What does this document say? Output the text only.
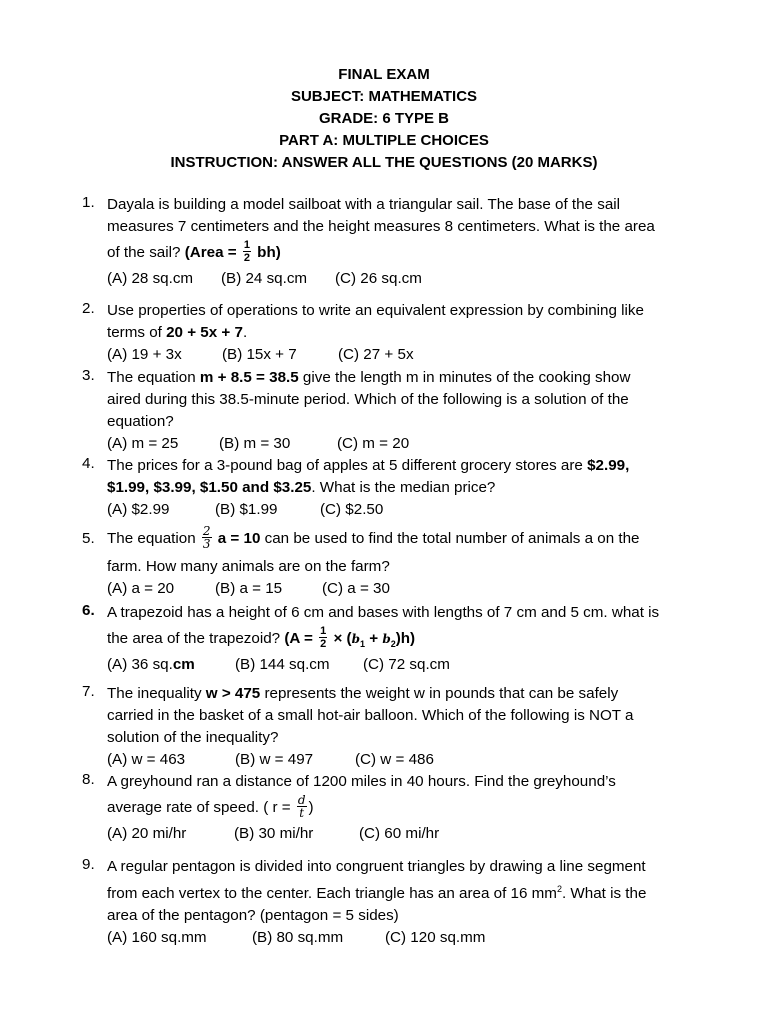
FINAL EXAM
SUBJECT: MATHEMATICS
GRADE: 6 TYPE B
PART A: MULTIPLE CHOICES
INSTRUCTION: ANSWER ALL THE QUESTIONS (20 MARKS)
1. Dayala is building a model sailboat with a triangular sail. The base of the sail
measures 7 centimeters and the height measures 8 centimeters. What is the area
of the sail? (Area = $\frac{1}{2} bh$)
(A) 28 sq.cm (B) 24 sq.cm (C) 26 sq.cm
2. Use properties of operations to write an equivalent expression by combining like
terms of 20 + 5x + 7.
(A) 19 + 3x	(B) 15x + 7	(C) 27 + 5x
3. The equation m + 8.5 = 38.5 give the length m in minutes of the cooking show
aired during this 38.5-minute period. Which of the following is a solution of the
equation?
(A) m = 25	(B) m = 30	(C) m = 20
4. The prices for a 3-pound bag of apples at 5 different grocery stores are $2.99,
$1.99, $3.99, $1.50 and $3.25. What is the median price?
(A) $2.99	(B) $1.99	(C) $2.50
5. The equation $\frac{2}{3}$ a = 10 can be used to find the total number of animals a on the
farm. How many animals are on the farm?
(A) a = 20	(B) a = 15	(C) a = 30
6. A trapezoid has a height of 6 cm and bases with lengths of 7 cm and 5 cm. what is
the area of the trapezoid? $(A = \frac{1}{2} \times (b_1 + b_2)h)$
(A) 36 sq.cm	(B) 144 sq.cm (C) 72 sq.cm
7. The inequality w > 475 represents the weight w in pounds that can be safely
carried in the basket of a small hot-air balloon. Which of the following is NOT a
solution of the inequality?
(A) w = 463	(B) w = 497	(C) w = 486
8. A greyhound ran a distance of 1200 miles in 40 hours. Find the greyhound’s
average rate of speed. ( $r = \frac{d}{t}$ )
(A) 20 mi/hr	(B) 30 mi/hr	(C) 60 mi/hr
9. A regular pentagon is divided into congruent triangles by drawing a line segment
from each vertex to the center. Each triangle has an area of 16 $mm^2$. What is the
area of the pentagon? (pentagon = 5 sides)
(A) 160 sq.mm	(B) 80 sq.mm	(C) 120 sq.mm
